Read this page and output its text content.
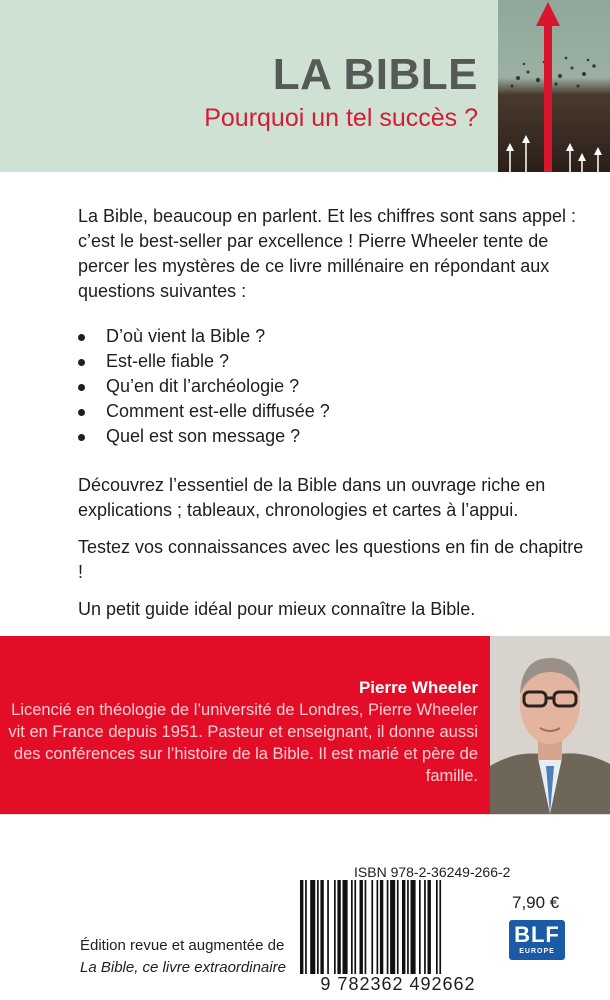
LA BIBLE
Pourquoi un tel succès ?

La Bible, beaucoup en parlent. Et les chiffres sont sans appel : c’est le best-seller par excellence ! Pierre Wheeler tente de percer les mystères de ce livre millénaire en répondant aux questions suivantes :

D’où vient la Bible ?
Est-elle fiable ?
Qu’en dit l’archéologie ?
Comment est-elle diffusée ?
Quel est son message ?

Découvrez l’essentiel de la Bible dans un ouvrage riche en explications ; tableaux, chronologies et cartes à l’appui.

Testez vos connaissances avec les questions en fin de chapitre !

Un petit guide idéal pour mieux connaître la Bible.

Pierre Wheeler
Licencié en théologie de l’université de Londres, Pierre Wheeler vit en France depuis 1951. Pasteur et enseignant, il donne aussi des conférences sur l’histoire de la Bible. Il est marié et père de famille.
ISBN 978-2-36249-266-2
9 782362 492662
7,90 €
BLF
EUROPE
Édition revue et augmentée de
La Bible, ce livre extraordinaire
